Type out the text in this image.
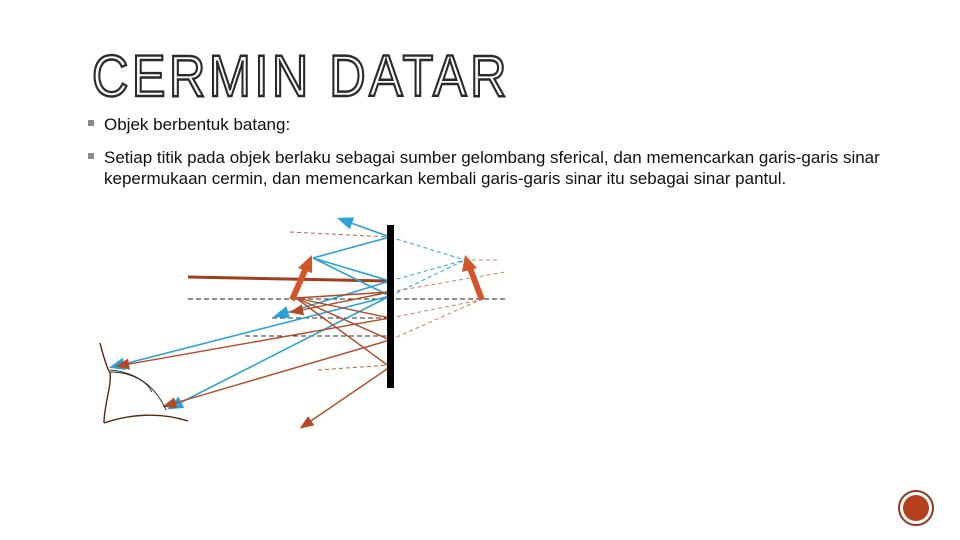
CERMIN DATAR
Objek berbentuk batang:
Setiap titik pada objek berlaku sebagai sumber gelombang sferical, dan memencarkan garis-garis sinar kepermukaan cermin, dan memencarkan kembali garis-garis sinar itu sebagai sinar pantul.
